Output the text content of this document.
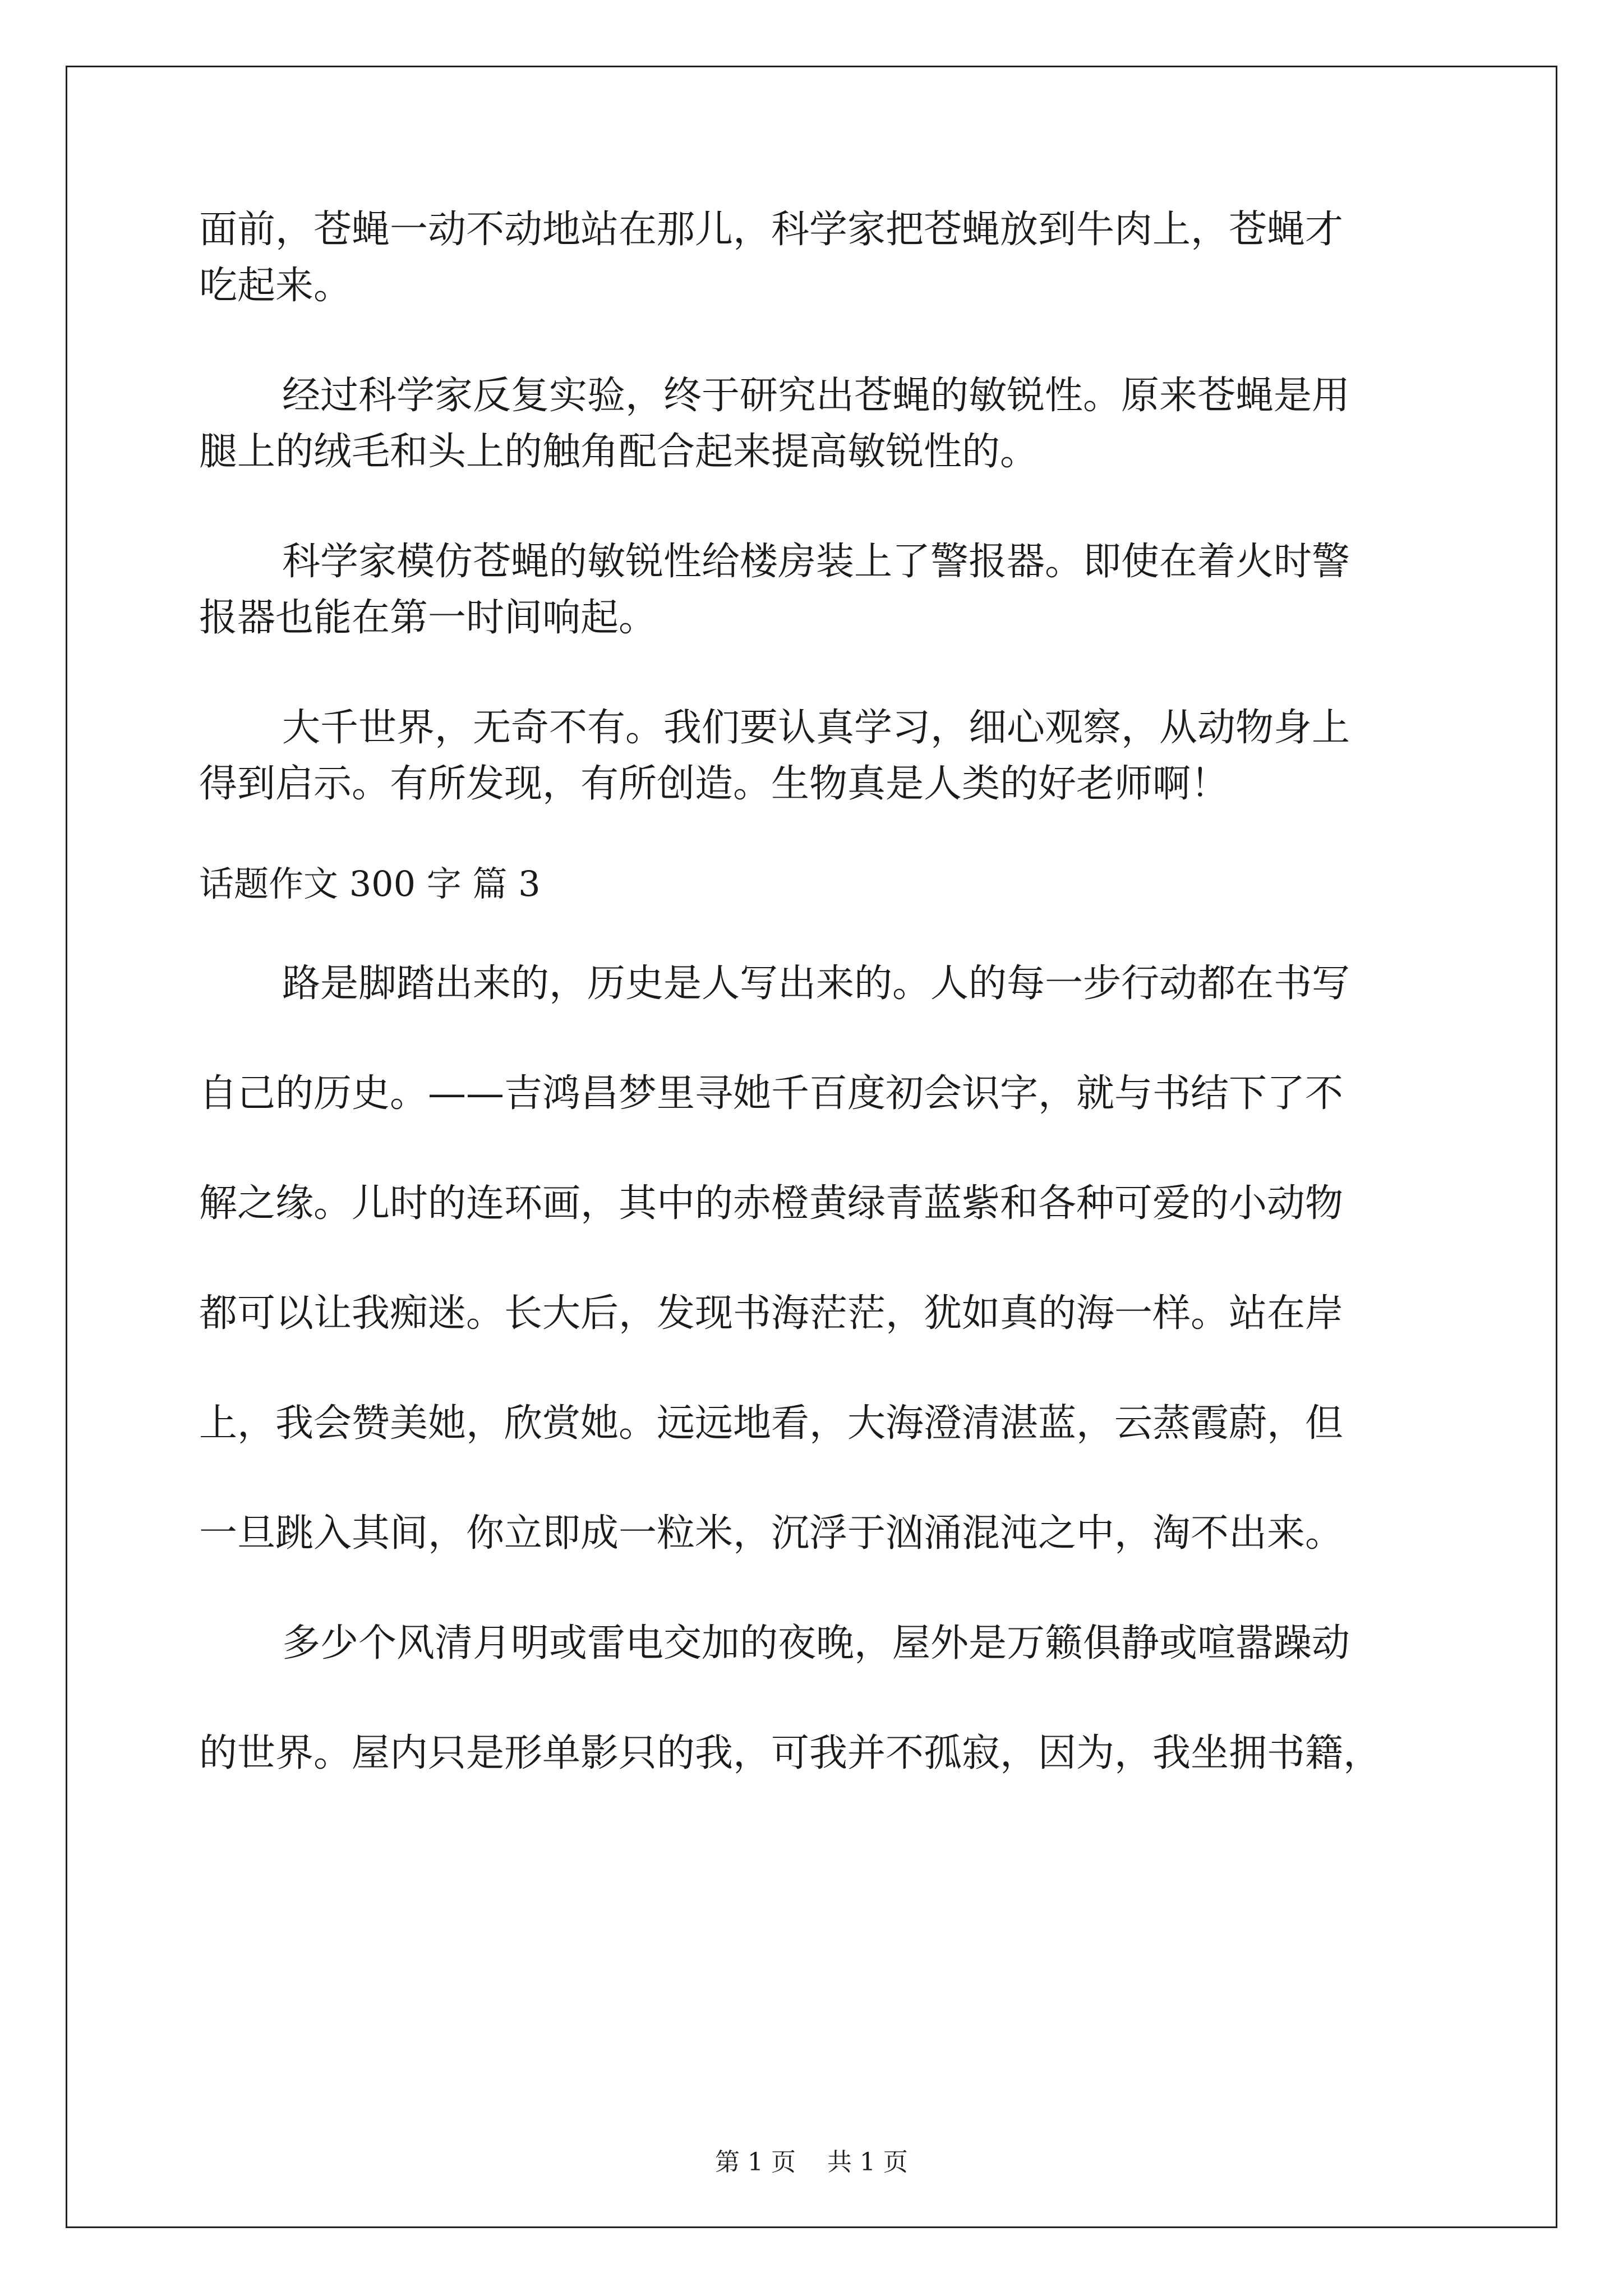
面前，苍蝇一动不动地站在那儿，科学家把苍蝇放到牛肉上，苍蝇才
吃起来。
经过科学家反复实验，终于研究出苍蝇的敏锐性。原来苍蝇是用
腿上的绒毛和头上的触角配合起来提高敏锐性的。
科学家模仿苍蝇的敏锐性给楼房装上了警报器。即使在着火时警
报器也能在第一时间响起。
大千世界，无奇不有。我们要认真学习，细心观察，从动物身上
得到启示。有所发现，有所创造。生物真是人类的好老师啊！
话题作文 300 字 篇 3
路是脚踏出来的，历史是人写出来的。人的每一步行动都在书写
自己的历史。——吉鸿昌梦里寻她千百度初会识字，就与书结下了不
解之缘。儿时的连环画，其中的赤橙黄绿青蓝紫和各种可爱的小动物
都可以让我痴迷。长大后，发现书海茫茫，犹如真的海一样。站在岸
上，我会赞美她，欣赏她。远远地看，大海澄清湛蓝，云蒸霞蔚，但
一旦跳入其间，你立即成一粒米，沉浮于汹涌混沌之中，淘不出来。
多少个风清月明或雷电交加的夜晚，屋外是万籁俱静或喧嚣躁动
的世界。屋内只是形单影只的我，可我并不孤寂，因为，我坐拥书籍，
第 1 页    共 1 页
